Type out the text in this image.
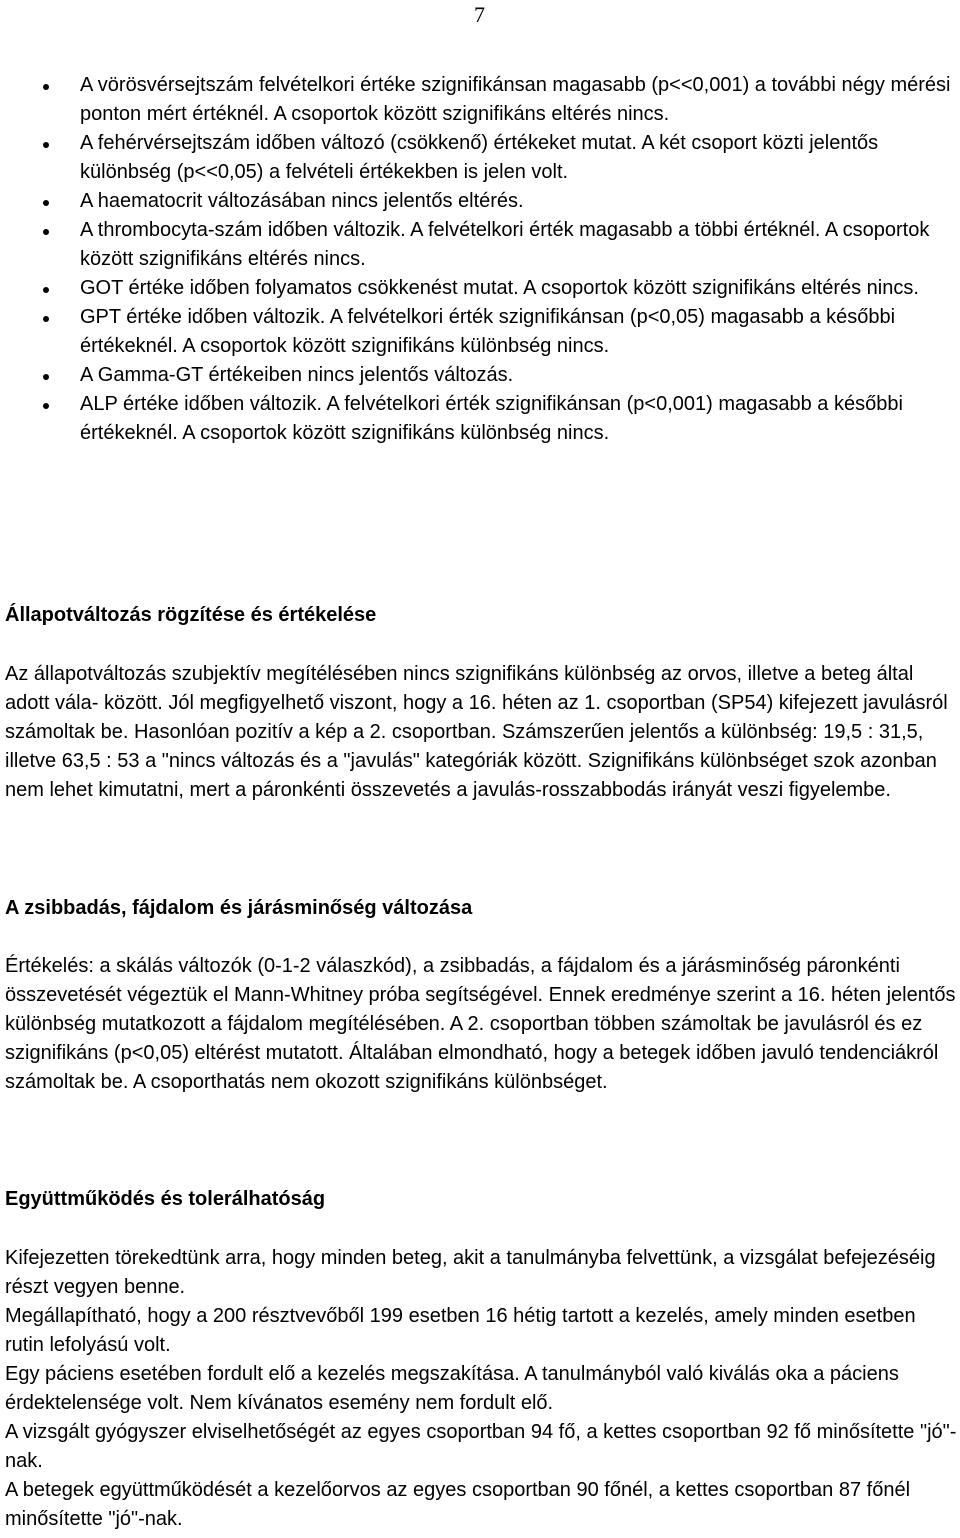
7
A vörösvérsejtszám felvételkori értéke szignifikánsan magasabb (p<<0,001) a további négy mérési ponton mért értéknél. A csoportok között szignifikáns eltérés nincs.
A fehérvérsejtszám időben változó (csökkenő) értékeket mutat. A két csoport közti jelentős különbség (p<<0,05) a felvételi értékekben is jelen volt.
A haematocrit változásában nincs jelentős eltérés.
A thrombocyta-szám időben változik. A felvételkori érték magasabb a többi értéknél. A csoportok között szignifikáns eltérés nincs.
GOT értéke időben folyamatos csökkenést mutat. A csoportok között szignifikáns eltérés nincs.
GPT értéke időben változik. A felvételkori érték szignifikánsan (p<0,05) magasabb a későbbi értékeknél. A csoportok között szignifikáns különbség nincs.
A Gamma-GT értékeiben nincs jelentős változás.
ALP értéke időben változik. A felvételkori érték szignifikánsan (p<0,001) magasabb a későbbi értékeknél. A csoportok között szignifikáns különbség nincs.
Állapotváltozás rögzítése és értékelése

Az állapotváltozás szubjektív megítélésében nincs szignifikáns különbség az orvos, illetve a beteg által adott vála- között. Jól megfigyelhető viszont, hogy a 16. héten az 1. csoportban (SP54) kifejezett javulásról számoltak be. Hasonlóan pozitív a kép a 2. csoportban. Számszerűen jelentős a különbség: 19,5 : 31,5, illetve 63,5 : 53 a "nincs változás és a "javulás" kategóriák között. Szignifikáns különbséget szok azonban nem lehet kimutatni, mert a páronkénti összevetés a javulás-rosszabbodás irányát veszi figyelembe.

A zsibbadás, fájdalom és járásminőség változása

Értékelés: a skálás változók (0-1-2 válaszkód), a zsibbadás, a fájdalom és a járásminőség páronkénti összevetését végeztük el Mann-Whitney próba segítségével. Ennek eredménye szerint a 16. héten jelentős különbség mutatkozott a fájdalom megítélésében. A 2. csoportban többen számoltak be javulásról és ez szignifikáns (p<0,05) eltérést mutatott. Általában elmondható, hogy a betegek időben javuló tendenciákról számoltak be. A csoporthatás nem okozott szignifikáns különbséget.

Együttműködés és tolerálhatóság

Kifejezetten törekedtünk arra, hogy minden beteg, akit a tanulmányba felvettünk, a vizsgálat befejezéséig részt vegyen benne.

Megállapítható, hogy a 200 résztvevőből 199 esetben 16 hétig tartott a kezelés, amely minden esetben rutin lefolyású volt.

Egy páciens esetében fordult elő a kezelés megszakítása. A tanulmányból való kiválás oka a páciens érdektelensége volt. Nem kívánatos esemény nem fordult elő.

A vizsgált gyógyszer elviselhetőségét az egyes csoportban 94 fő, a kettes csoportban 92 fő minősítette "jó"-nak.

A betegek együttműködését a kezelőorvos az egyes csoportban 90 főnél, a kettes csoportban 87 főnél minősítette "jó"-nak.
